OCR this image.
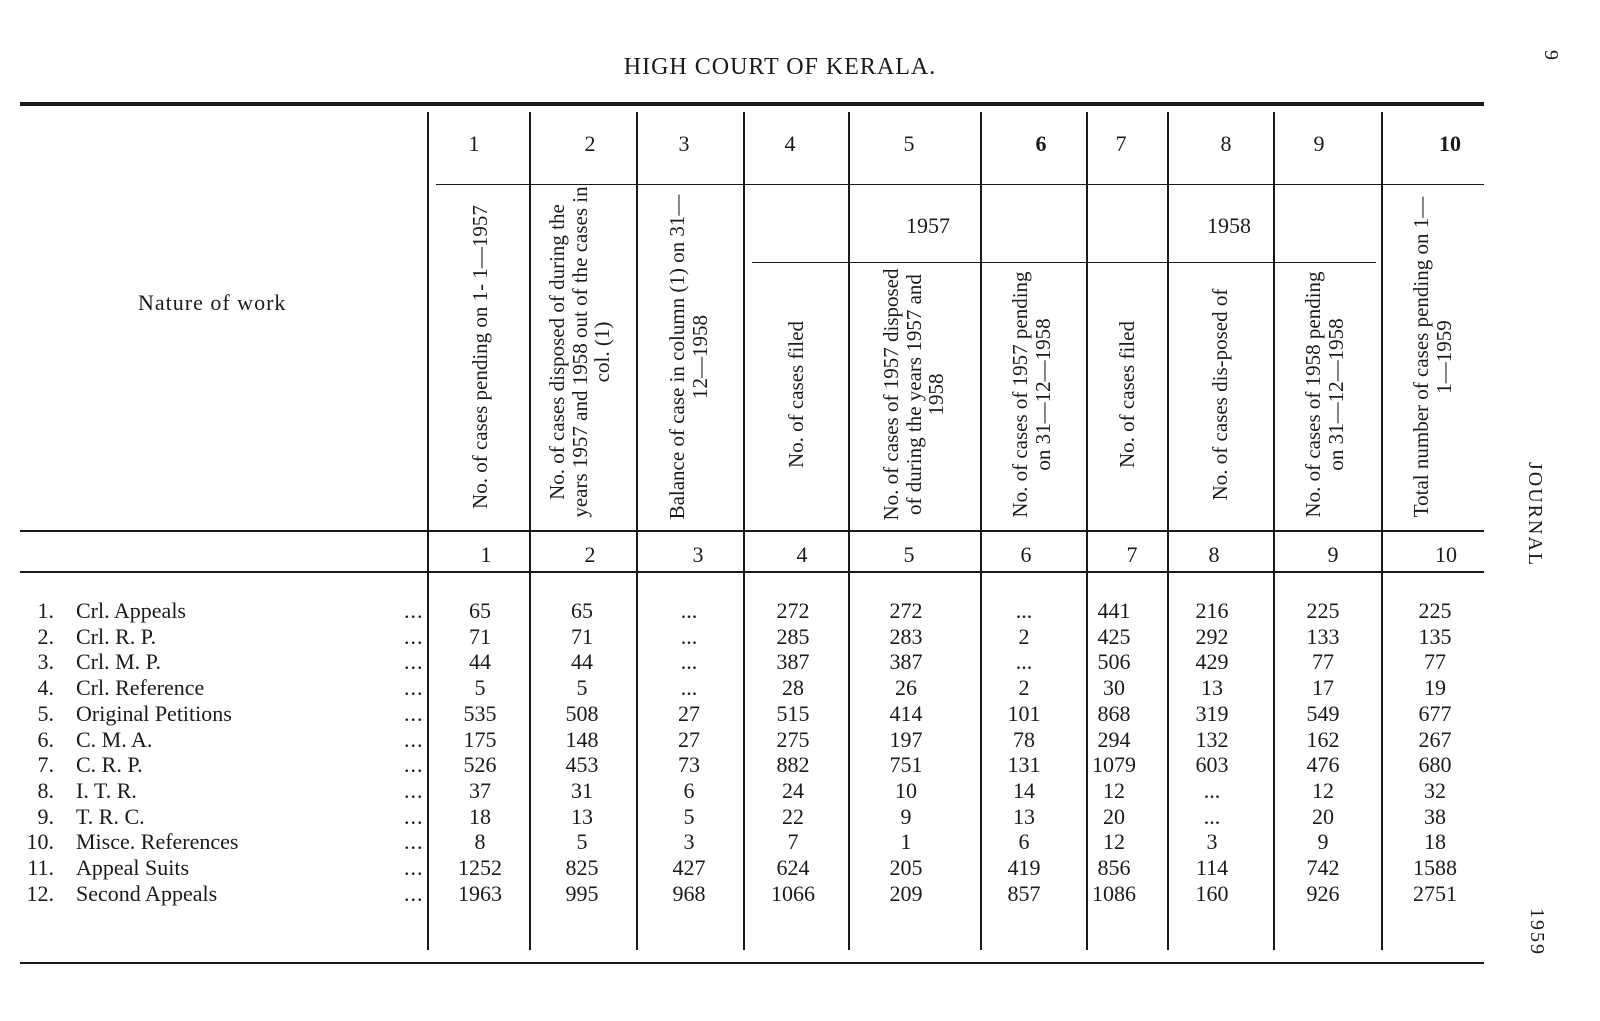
HIGH COURT OF KERALA.	9
JOURNAL
1959
Nature of work
1	2	3	4	5	6	7	8	9	10
1957	1958
No. of cases pending on 1- 1—1957	No. of cases disposed of during the years 1957 and 1958 out of the cases in col. (1)	Balance of case in column (1) on 31—12—1958	No. of cases filed	No. of cases of 1957 disposed of during the years 1957 and 1958	No. of cases of 1957 pending on 31—12—1958	No. of cases filed	No. of cases dis-posed of	No. of cases of 1958 pending on 31—12—1958	Total number of cases pending on 1—1—1959
1	2	3	4	5	6	7	8	9	10
1. Crl. Appeals	...	65	65	...	272	272	...	441	216	225	225
2. Crl. R. P.	...	71	71	...	285	283	2	425	292	133	135
3. Crl. M. P.	...	44	44	...	387	387	...	506	429	77	77
4. Crl. Reference	...	5	5	...	28	26	2	30	13	17	19
5. Original Petitions	...	535	508	27	515	414	101	868	319	549	677
6. C. M. A.	...	175	148	27	275	197	78	294	132	162	267
7. C. R. P.	...	526	453	73	882	751	131	1079	603	476	680
8. I. T. R.	...	37	31	6	24	10	14	12	...	12	32
9. T. R. C.	...	18	13	5	22	9	13	20	...	20	38
10. Misce. References	...	8	5	3	7	1	6	12	3	9	18
11. Appeal Suits	...	1252	825	427	624	205	419	856	114	742	1588
12. Second Appeals	...	1963	995	968	1066	209	857	1086	160	926	2751
